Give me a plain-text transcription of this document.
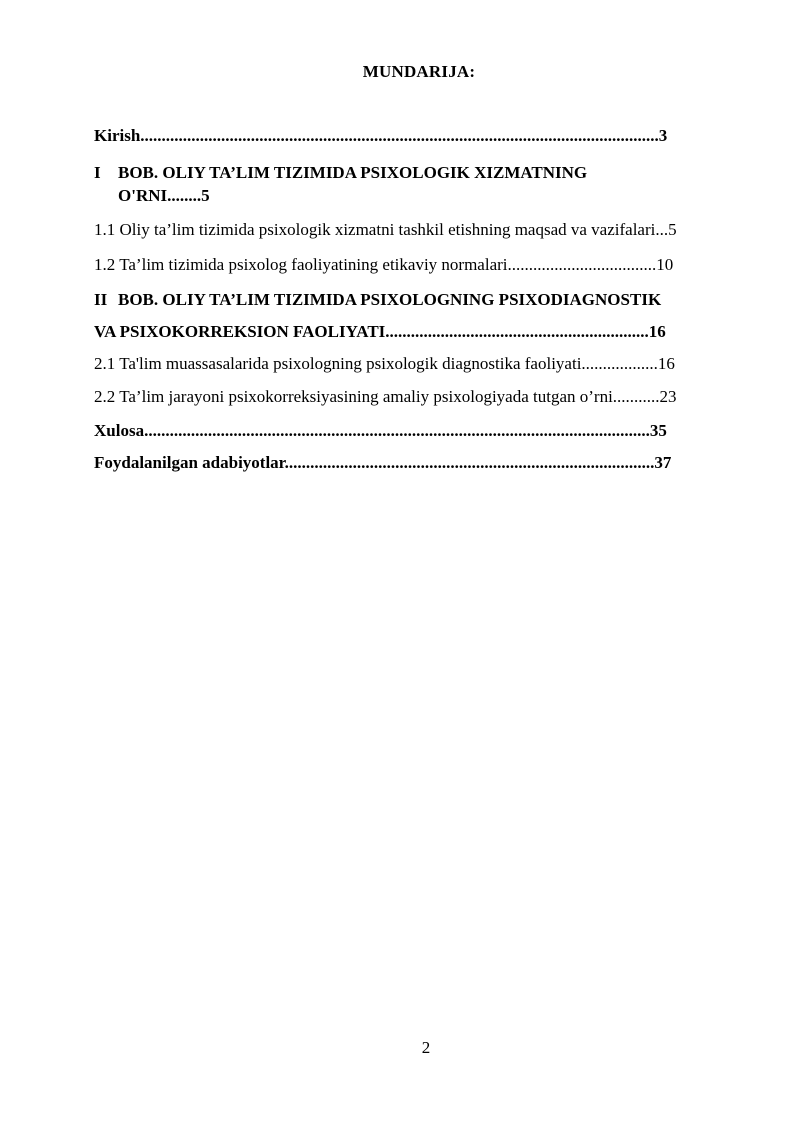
MUNDARIJA:
Kirish..........................................................................................................................3
I BOB. OLIY TA’LIM TIZIMIDA PSIXOLOGIK XIZMATNING
O'RNI........5
1.1 Oliy ta’lim tizimida psixologik xizmatni tashkil etishning maqsad va vazifalari...5
1.2 Ta’lim tizimida psixolog faoliyatining etikaviy normalari...................................10
II BOB. OLIY TA’LIM TIZIMIDA PSIXOLOGNING PSIXODIAGNOSTIK
VA PSIXOKORREKSION FAOLIYATI..............................................................16
2.1 Ta'lim muassasalarida psixologning psixologik diagnostika faoliyati..................16
2.2 Ta’lim jarayoni psixokorreksiyasining amaliy psixologiyada tutgan o’rni...........23
Xulosa.......................................................................................................................35
Foydalanilgan adabiyotlar.......................................................................................37
2
